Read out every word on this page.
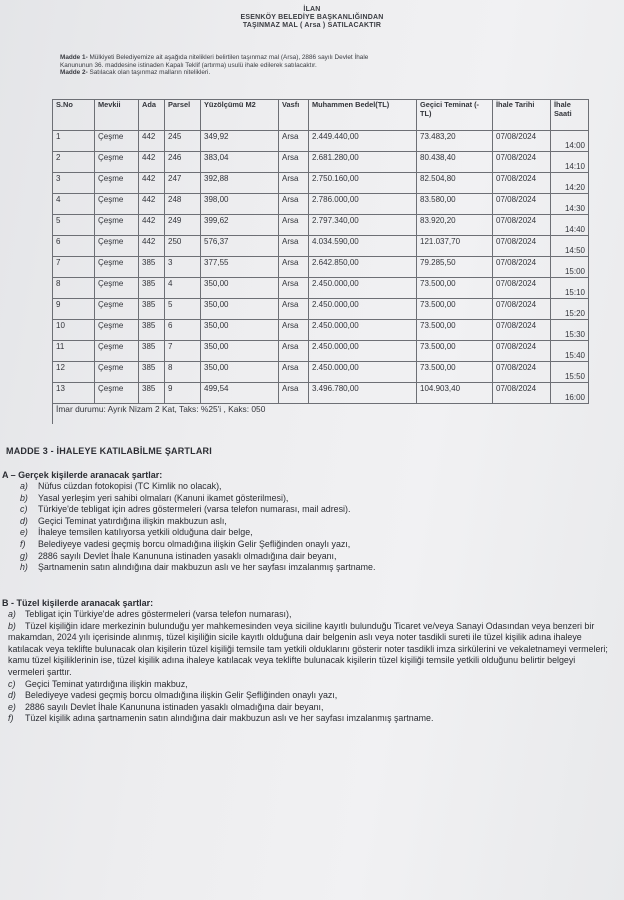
İLAN
ESENKÖY BELEDİYE BAŞKANLIĞINDAN
TAŞINMAZ MAL ( Arsa ) SATILACAKTIR
Madde 1- Mülkiyeti Belediyemize ait aşağıda nitelikleri belirtilen taşınmaz mal (Arsa), 2886 sayılı Devlet İhale
Kanununun 36. maddesine istinaden Kapalı Teklif (artırma) usulü ihale edilerek satılacaktır.
Madde 2- Satılacak olan taşınmaz malların nitelikleri.
S.No	Mevkii	Ada	Parsel	Yüzölçümü M2	Vasfı	Muhammen Bedel(TL)	Geçici Teminat (-TL)	İhale Tarihi	İhale Saati
1	Çeşme	442	245	349,92	Arsa	2.449.440,00	73.483,20	07/08/2024	14:00
2	Çeşme	442	246	383,04	Arsa	2.681.280,00	80.438,40	07/08/2024	14:10
3	Çeşme	442	247	392,88	Arsa	2.750.160,00	82.504,80	07/08/2024	14:20
4	Çeşme	442	248	398,00	Arsa	2.786.000,00	83.580,00	07/08/2024	14:30
5	Çeşme	442	249	399,62	Arsa	2.797.340,00	83.920,20	07/08/2024	14:40
6	Çeşme	442	250	576,37	Arsa	4.034.590,00	121.037,70	07/08/2024	14:50
7	Çeşme	385	3	377,55	Arsa	2.642.850,00	79.285,50	07/08/2024	15:00
8	Çeşme	385	4	350,00	Arsa	2.450.000,00	73.500,00	07/08/2024	15:10
9	Çeşme	385	5	350,00	Arsa	2.450.000,00	73.500,00	07/08/2024	15:20
10	Çeşme	385	6	350,00	Arsa	2.450.000,00	73.500,00	07/08/2024	15:30
11	Çeşme	385	7	350,00	Arsa	2.450.000,00	73.500,00	07/08/2024	15:40
12	Çeşme	385	8	350,00	Arsa	2.450.000,00	73.500,00	07/08/2024	15:50
13	Çeşme	385	9	499,54	Arsa	3.496.780,00	104.903,40	07/08/2024	16:00
İmar durumu: Ayrık Nizam 2 Kat, Taks: %25'i , Kaks: 050									
MADDE 3 - İHALEYE KATILABİLME ŞARTLARI
A – Gerçek kişilerde aranacak şartlar:
a)	Nüfus cüzdan fotokopisi (TC Kimlik no olacak),
b)	Yasal yerleşim yeri sahibi olmaları (Kanuni ikamet gösterilmesi),
c)	Türkiye'de tebligat için adres göstermeleri (varsa telefon numarası, mail adresi).
d)	Geçici Teminat yatırdığına ilişkin makbuzun aslı,
e)	İhaleye temsilen katılıyorsa yetkili olduğuna dair belge,
f)	Belediyeye vadesi geçmiş borcu olmadığına ilişkin Gelir Şefliğinden onaylı yazı,
g)	2886 sayılı Devlet İhale Kanununa istinaden yasaklı olmadığına dair beyanı,
h)	Şartnamenin satın alındığına dair makbuzun aslı ve her sayfası imzalanmış şartname.
B - Tüzel kişilerde aranacak şartlar:
a) Tebligat için Türkiye'de adres göstermeleri (varsa telefon numarası),
b) Tüzel kişiliğin idare merkezinin bulunduğu yer mahkemesinden veya siciline kayıtlı bulunduğu Ticaret ve/veya Sanayi Odasından veya benzeri bir makamdan, 2024 yılı içerisinde alınmış, tüzel kişiliğin sicile kayıtlı olduğuna dair belgenin aslı veya noter tasdikli sureti ile tüzel kişilik adına ihaleye katılacak veya teklifte bulunacak olan kişilerin tüzel kişiliği temsile tam yetkili olduklarını gösterir noter tasdikli imza sirkülerini ve vekaletnameyi vermeleri; kamu tüzel kişiliklerinin ise, tüzel kişilik adına ihaleye katılacak veya teklifte bulunacak kişilerin tüzel kişiliği temsile yetkili olduğunu belirtir belgeyi vermeleri şarttır.
c) Geçici Teminat yatırdığına ilişkin makbuz,
d) Belediyeye vadesi geçmiş borcu olmadığına ilişkin Gelir Şefliğinden onaylı yazı,
e) 2886 sayılı Devlet İhale Kanununa istinaden yasaklı olmadığına dair beyanı,
f) Tüzel kişilik adına şartnamenin satın alındığına dair makbuzun aslı ve her sayfası imzalanmış şartname.
